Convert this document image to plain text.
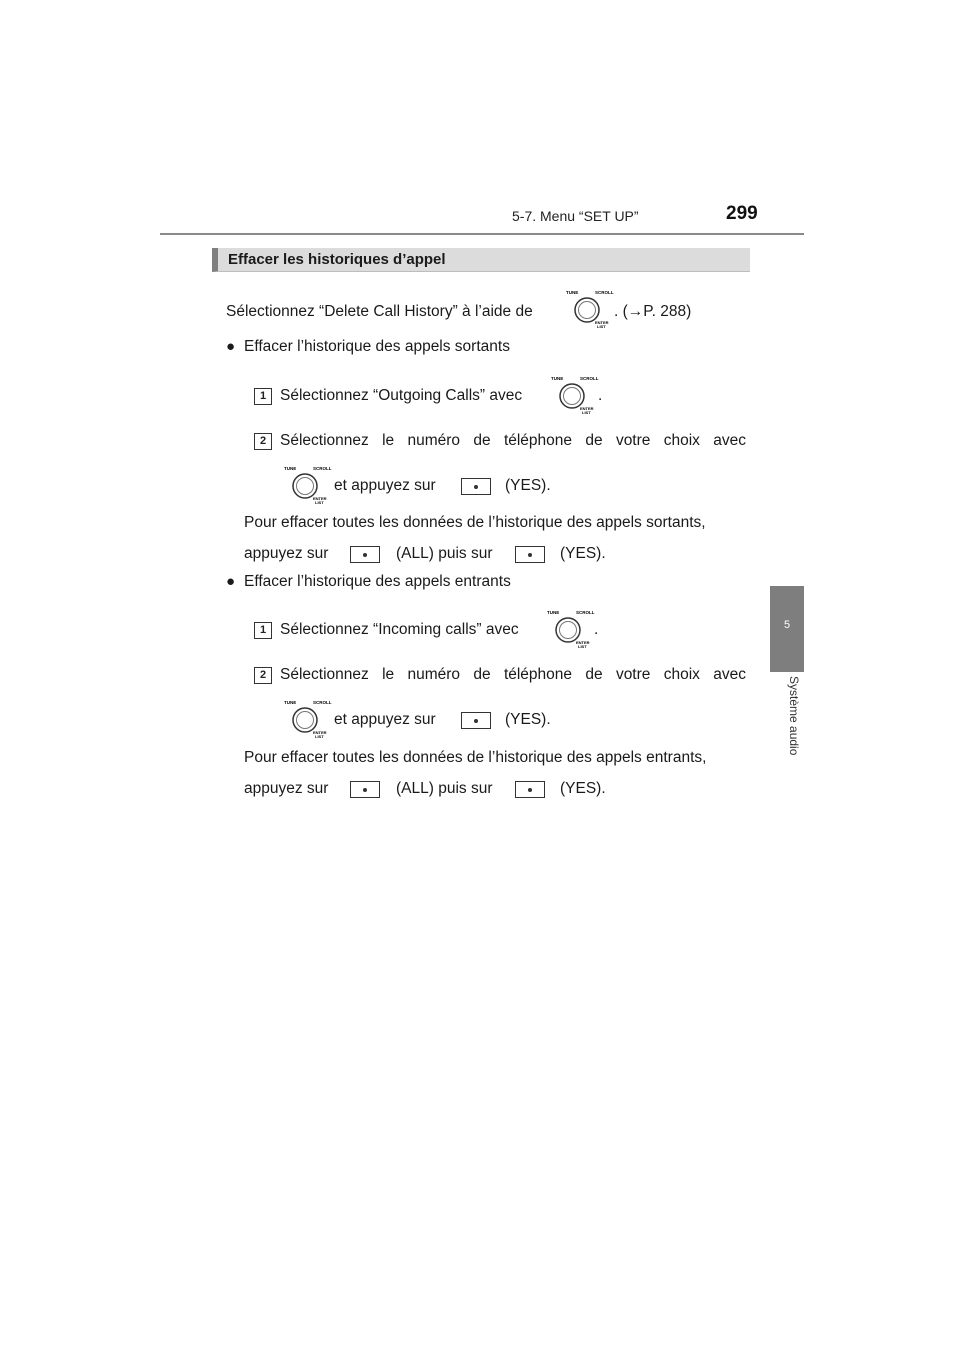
5-7. Menu “SET UP”	299
Effacer les historiques d’appel
5
Système audio
Sélectionnez “Delete Call History” à l’aide de
TUNE	SCROLL
ENTER
LIST
. (→P. 288)
● Effacer l’historique des appels sortants
1 Sélectionnez “Outgoing Calls” avec
TUNE	SCROLL
ENTER
LIST
.
2 Sélectionnez le numéro de téléphone de votre choix avec
TUNE	SCROLL
ENTER
LIST
et appuyez sur	(YES).
Pour effacer toutes les données de l’historique des appels sortants,
appuyez sur	(ALL) puis sur	(YES).
● Effacer l’historique des appels entrants
1 Sélectionnez “Incoming calls” avec
TUNE	SCROLL
ENTER
LIST
.
2 Sélectionnez le numéro de téléphone de votre choix avec
TUNE	SCROLL
ENTER
LIST
et appuyez sur	(YES).
Pour effacer toutes les données de l’historique des appels entrants,
appuyez sur	(ALL) puis sur	(YES).
